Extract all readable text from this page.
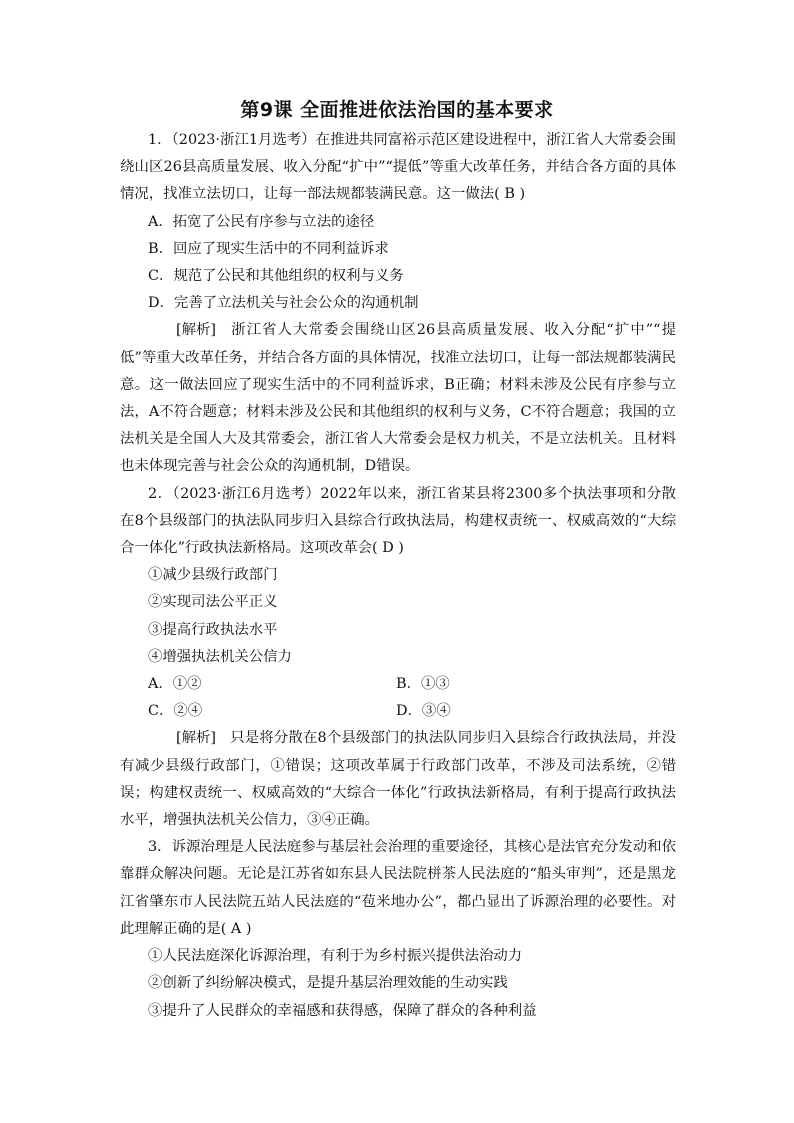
第9课 全面推进依法治国的基本要求

1．（2023·浙江1月选考）在推进共同富裕示范区建设进程中，浙江省人大常委会围绕山区26县高质量发展、收入分配“扩中”“提低”等重大改革任务，并结合各方面的具体情况，找准立法切口，让每一部法规都装满民意。这一做法( B )

A．拓宽了公民有序参与立法的途径

B．回应了现实生活中的不同利益诉求

C．规范了公民和其他组织的权利与义务

D．完善了立法机关与社会公众的沟通机制

[解析] 浙江省人大常委会围绕山区26县高质量发展、收入分配“扩中”“提低”等重大改革任务，并结合各方面的具体情况，找准立法切口，让每一部法规都装满民意。这一做法回应了现实生活中的不同利益诉求，B正确；材料未涉及公民有序参与立法，A不符合题意；材料未涉及公民和其他组织的权利与义务，C不符合题意；我国的立法机关是全国人大及其常委会，浙江省人大常委会是权力机关，不是立法机关。且材料也未体现完善与社会公众的沟通机制，D错误。

2．（2023·浙江6月选考）2022年以来，浙江省某县将2300多个执法事项和分散在8个县级部门的执法队同步归入县综合行政执法局，构建权责统一、权威高效的“大综合一体化”行政执法新格局。这项改革会( D )

①减少县级行政部门

②实现司法公平正义

③提高行政执法水平

④增强执法机关公信力

A．①②	B．①③
C．②④	D．③④

[解析] 只是将分散在8个县级部门的执法队同步归入县综合行政执法局，并没有减少县级行政部门，①错误；这项改革属于行政部门改革，不涉及司法系统，②错误；构建权责统一、权威高效的“大综合一体化”行政执法新格局，有利于提高行政执法水平，增强执法机关公信力，③④正确。

3．诉源治理是人民法庭参与基层社会治理的重要途径，其核心是法官充分发动和依靠群众解决问题。无论是江苏省如东县人民法院栟茶人民法庭的“船头审判”，还是黑龙江省肇东市人民法院五站人民法庭的“苞米地办公”，都凸显出了诉源治理的必要性。对此理解正确的是( A )

①人民法庭深化诉源治理，有利于为乡村振兴提供法治动力

②创新了纠纷解决模式，是提升基层治理效能的生动实践

③提升了人民群众的幸福感和获得感，保障了群众的各种利益
